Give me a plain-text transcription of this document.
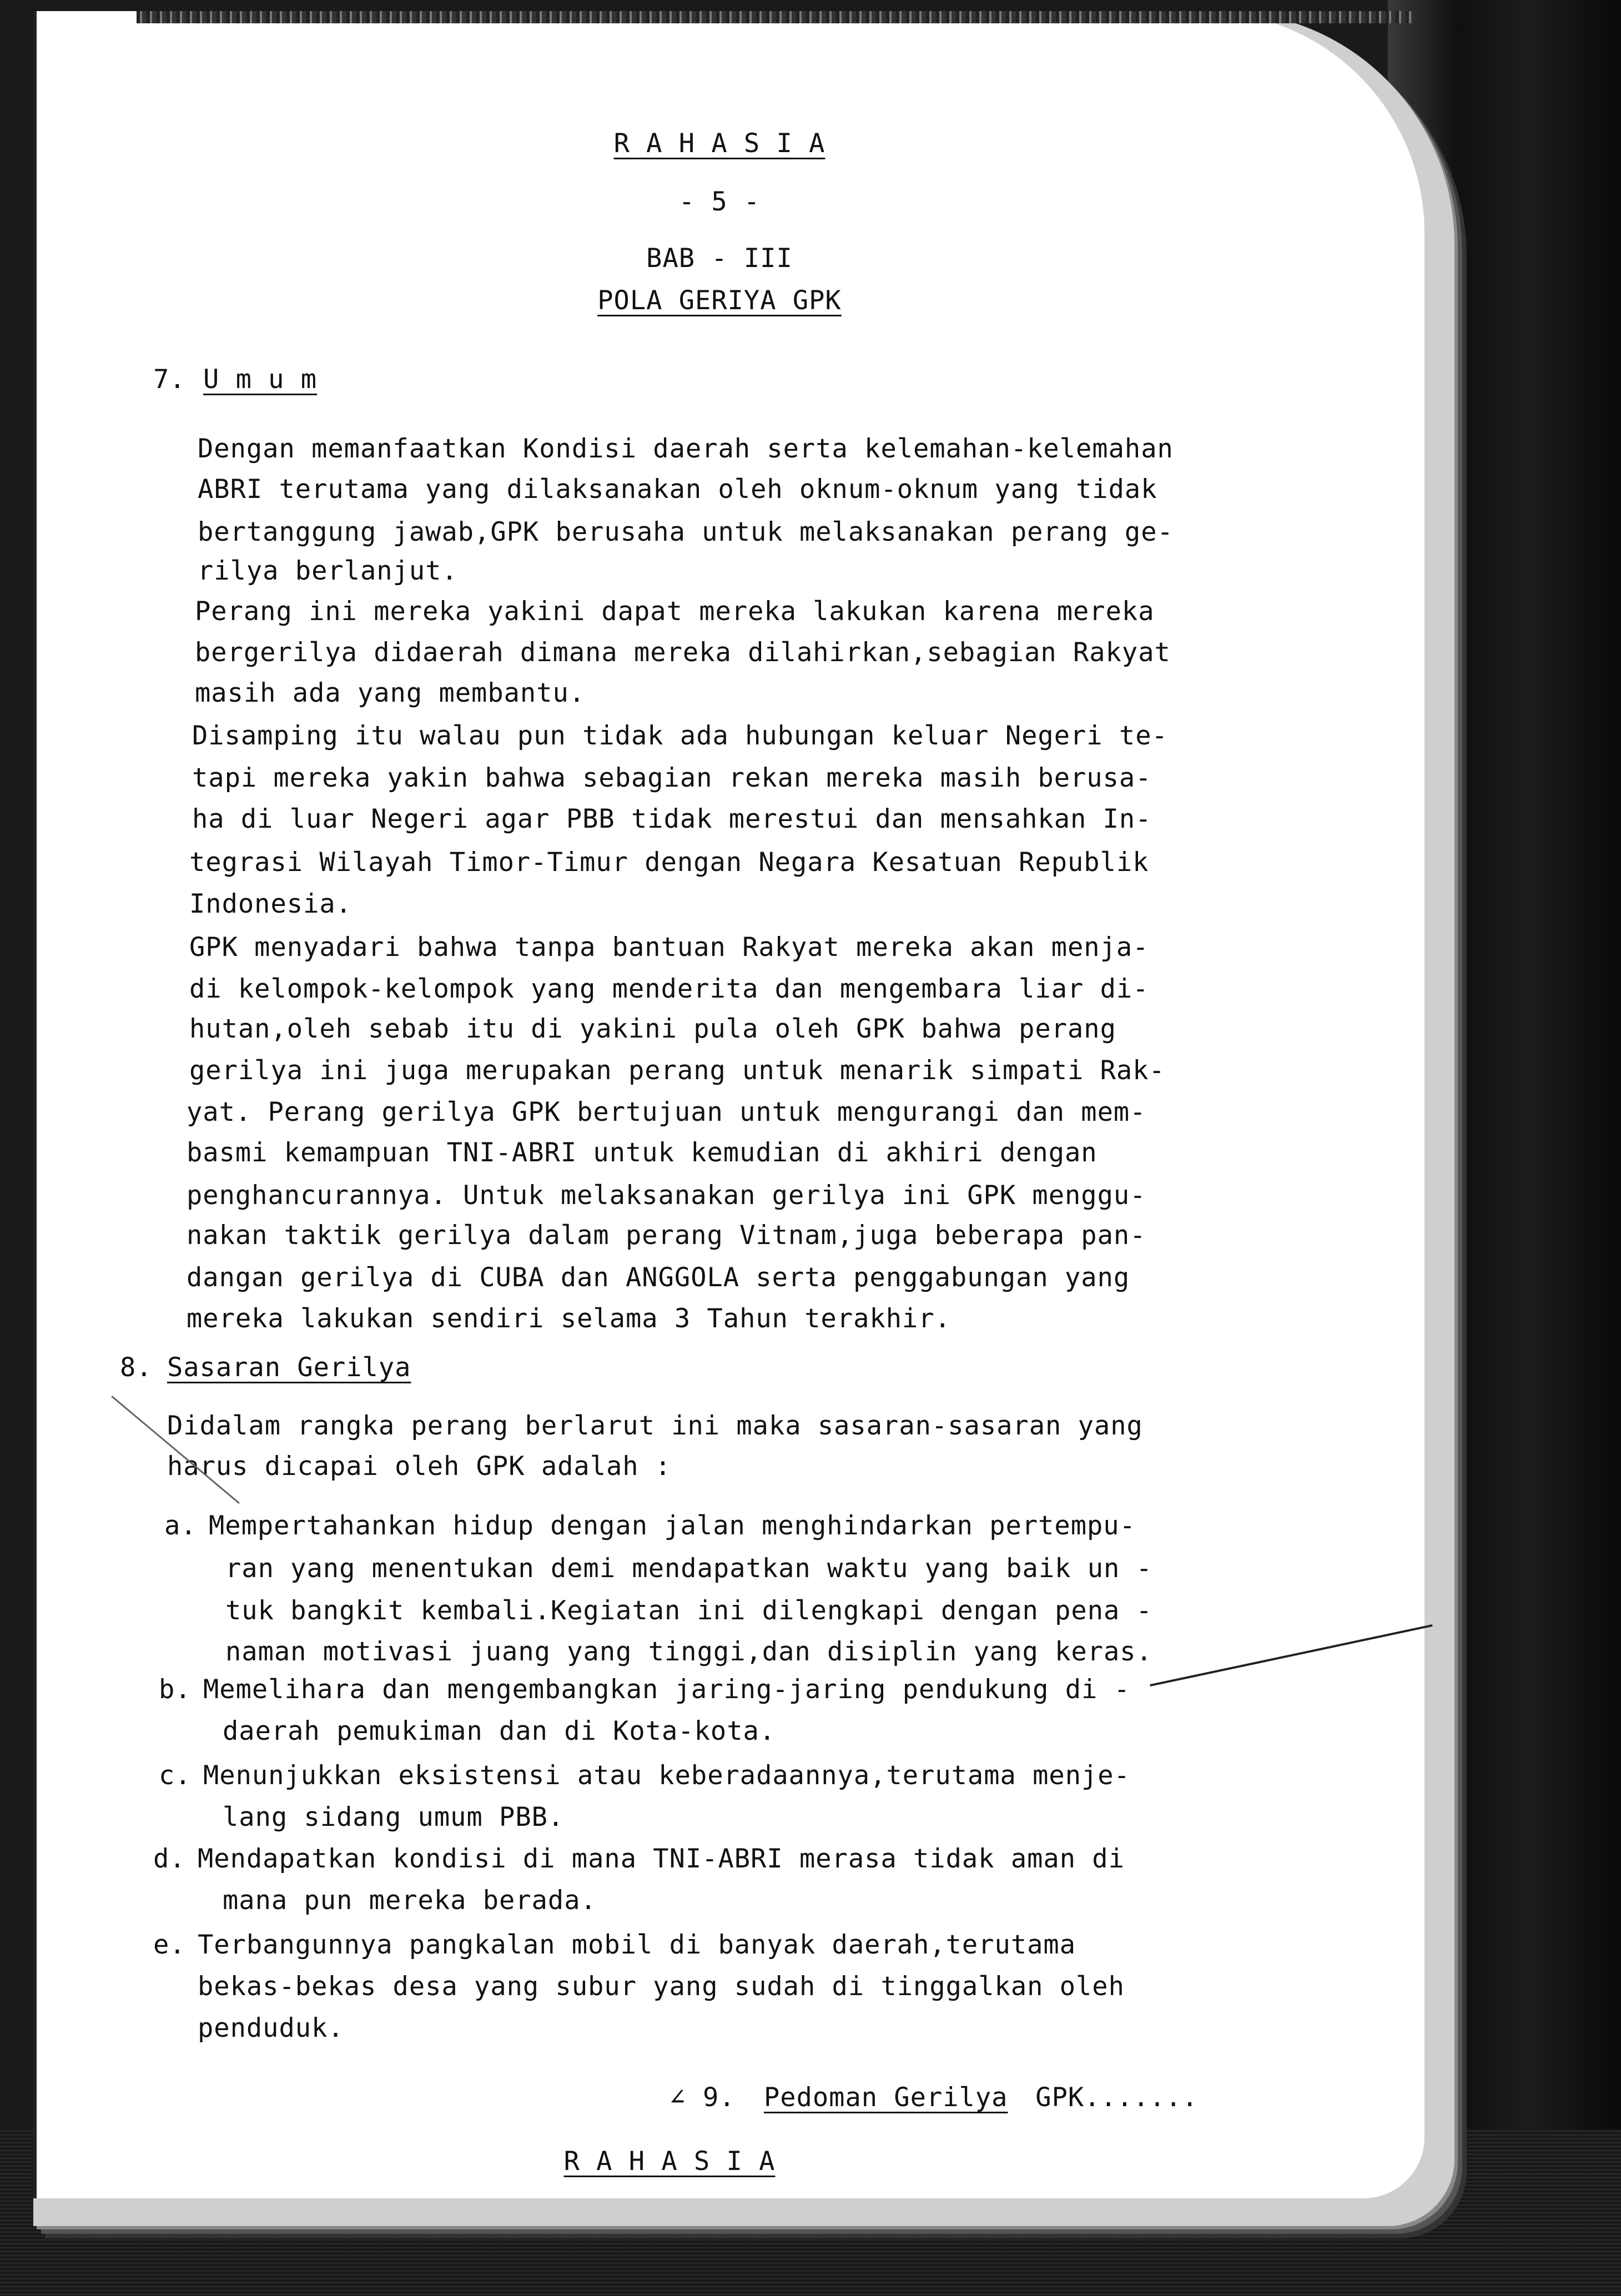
R A H A S I A
- 5 -
BAB - III
POLA GERIYA GPK
7. U m u m
Dengan memanfaatkan Kondisi daerah serta kelemahan-kelemahan
ABRI terutama yang dilaksanakan oleh oknum-oknum yang tidak
bertanggung jawab,GPK berusaha untuk melaksanakan perang ge-
rilya berlanjut.
Perang ini mereka yakini dapat mereka lakukan karena mereka
bergerilya didaerah dimana mereka dilahirkan,sebagian Rakyat
masih ada yang membantu.
Disamping itu walau pun tidak ada hubungan keluar Negeri te-
tapi mereka yakin bahwa sebagian rekan mereka masih berusa-
ha di luar Negeri agar PBB tidak merestui dan mensahkan In-
tegrasi Wilayah Timor-Timur dengan Negara Kesatuan Republik
Indonesia.
GPK menyadari bahwa tanpa bantuan Rakyat mereka akan menja-
di kelompok-kelompok yang menderita dan mengembara liar di-
hutan,oleh sebab itu di yakini pula oleh GPK bahwa perang
gerilya ini juga merupakan perang untuk menarik simpati Rak-
yat. Perang gerilya GPK bertujuan untuk mengurangi dan mem-
basmi kemampuan TNI-ABRI untuk kemudian di akhiri dengan
penghancurannya. Untuk melaksanakan gerilya ini GPK menggu-
nakan taktik gerilya dalam perang Vitnam,juga beberapa pan-
dangan gerilya di CUBA dan ANGGOLA serta penggabungan yang
mereka lakukan sendiri selama 3 Tahun terakhir.
8. Sasaran Gerilya
Didalam rangka perang berlarut ini maka sasaran-sasaran yang
harus dicapai oleh GPK adalah :
a. Mempertahankan hidup dengan jalan menghindarkan pertempu-
ran yang menentukan demi mendapatkan waktu yang baik un -
tuk bangkit kembali.Kegiatan ini dilengkapi dengan pena -
naman motivasi juang yang tinggi,dan disiplin yang keras.
b. Memelihara dan mengembangkan jaring-jaring pendukung di -
daerah pemukiman dan di Kota-kota.
c. Menunjukkan eksistensi atau keberadaannya,terutama menje-
lang sidang umum PBB.
d. Mendapatkan kondisi di mana TNI-ABRI merasa tidak aman di
mana pun mereka berada.
e. Terbangunnya pangkalan mobil di banyak daerah,terutama
bekas-bekas desa yang subur yang sudah di tinggalkan oleh
penduduk.
∠ 9. Pedoman Gerilya GPK.......
R A H A S I A
